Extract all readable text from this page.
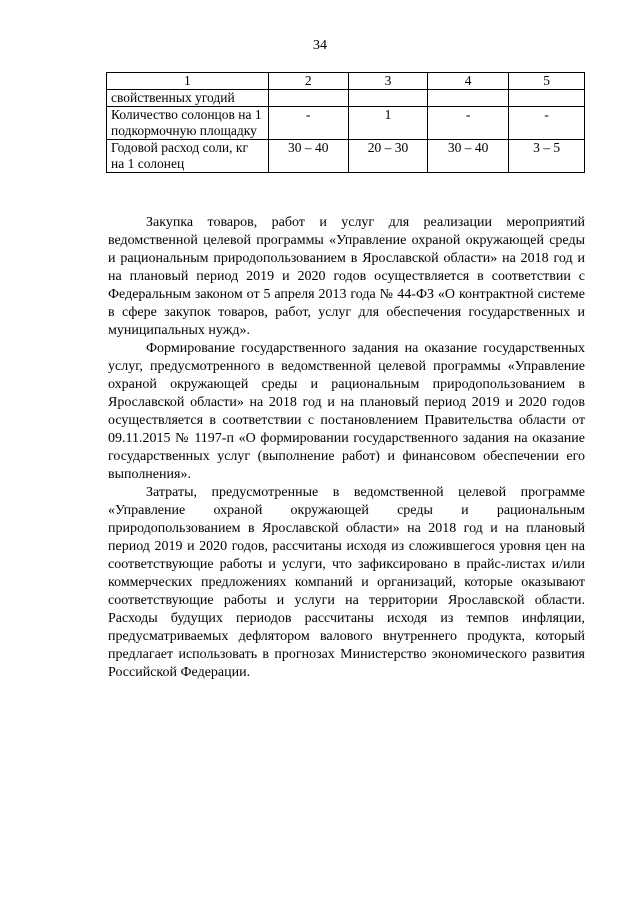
34
1	2	3	4	5
свойственных угодий				
Количество солонцов на 1 подкормочную площадку	-	1	-	-
Годовой расход соли, кг на 1 солонец	30 – 40	20 – 30	30 – 40	3 – 5

Закупка товаров, работ и услуг для реализации мероприятий ведомственной целевой программы «Управление охраной окружающей среды и рациональным природопользованием в Ярославской области» на 2018 год и на плановый период 2019 и 2020 годов осуществляется в соответствии с Федеральным законом от 5 апреля 2013 года № 44-ФЗ «О контрактной системе в сфере закупок товаров, работ, услуг для обеспечения государственных и муниципальных нужд».

Формирование государственного задания на оказание государственных услуг, предусмотренного в ведомственной целевой программы «Управление охраной окружающей среды и рациональным природопользованием в Ярославской области» на 2018 год и на плановый период 2019 и 2020 годов осуществляется в соответствии с постановлением Правительства области от 09.11.2015 № 1197-п «О формировании государственного задания на оказание государственных услуг (выполнение работ) и финансовом обеспечении его выполнения».

Затраты, предусмотренные в ведомственной целевой программе «Управление охраной окружающей среды и рациональным природопользованием в Ярославской области» на 2018 год и на плановый период 2019 и 2020 годов, рассчитаны исходя из сложившегося уровня цен на соответствующие работы и услуги, что зафиксировано в прайс-листах и/или коммерческих предложениях компаний и организаций, которые оказывают соответствующие работы и услуги на территории Ярославской области. Расходы будущих периодов рассчитаны исходя из темпов инфляции, предусматриваемых дефлятором валового внутреннего продукта, который предлагает использовать в прогнозах Министерство экономического развития Российской Федерации.
